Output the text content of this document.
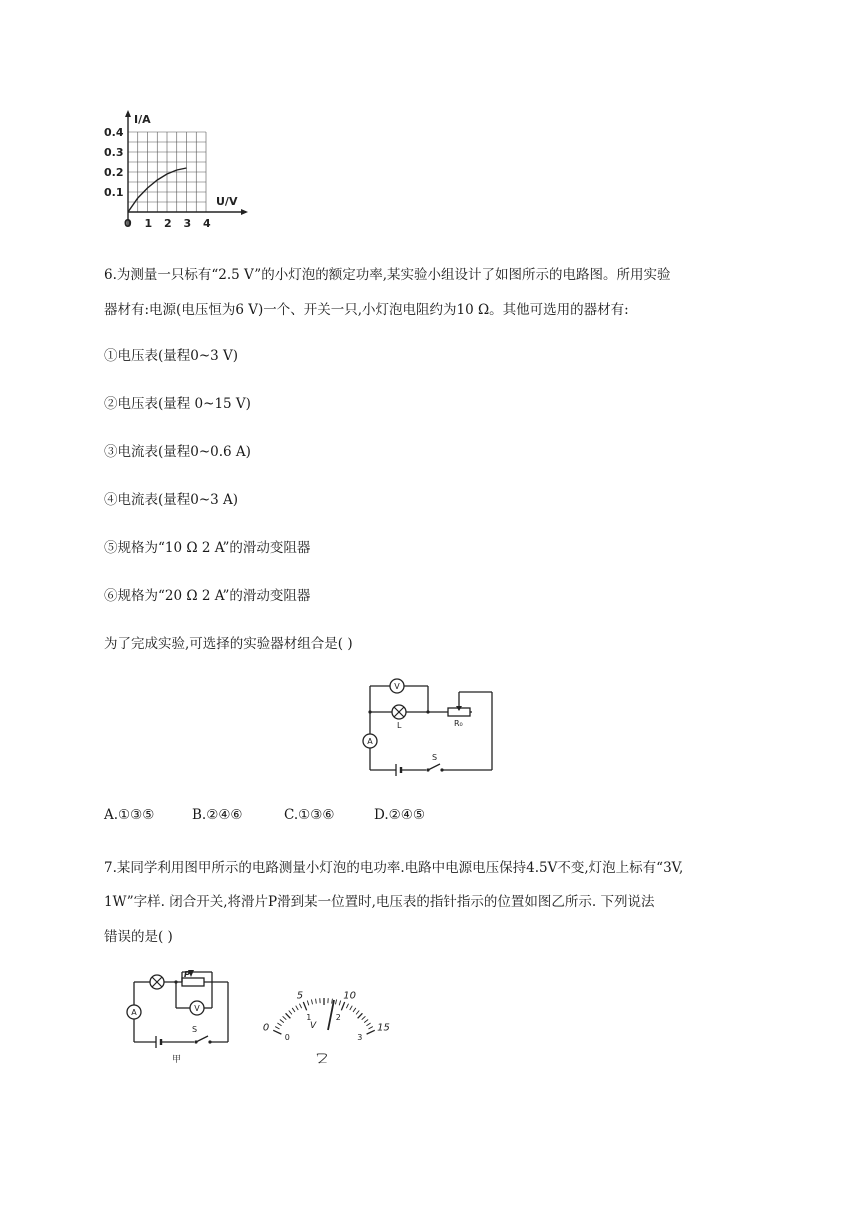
I/A
U/V
0.4
0.3
0.2
0.1
0 1 2 3 4
6.为测量一只标有“2.5 V”的小灯泡的额定功率,某实验小组设计了如图所示的电路图。所用实验
器材有:电源(电压恒为6 V)一个、开关一只,小灯泡电阻约为10 Ω。其他可选用的器材有:
①电压表(量程0~3 V)
②电压表(量程 0~15 V)
③电流表(量程0~0.6 A)
④电流表(量程0~3 A)
⑤规格为“10 Ω 2 A”的滑动变阻器
⑥规格为“20 Ω 2 A”的滑动变阻器
为了完成实验,可选择的实验器材组合是( )
V
L
A
R₀
S
A.①③⑤	B.②④⑥	C.①③⑥	D.②④⑤
7.某同学利用图甲所示的电路测量小灯泡的电功率.电路中电源电压保持4.5V不变,灯泡上标有“3V,
1W”字样. 闭合开关,将滑片P滑到某一位置时,电压表的指针指示的位置如图乙所示. 下列说法
错误的是( )
V
A
P
S
甲
0
5	10
15
0
1	2
3
V
乙
